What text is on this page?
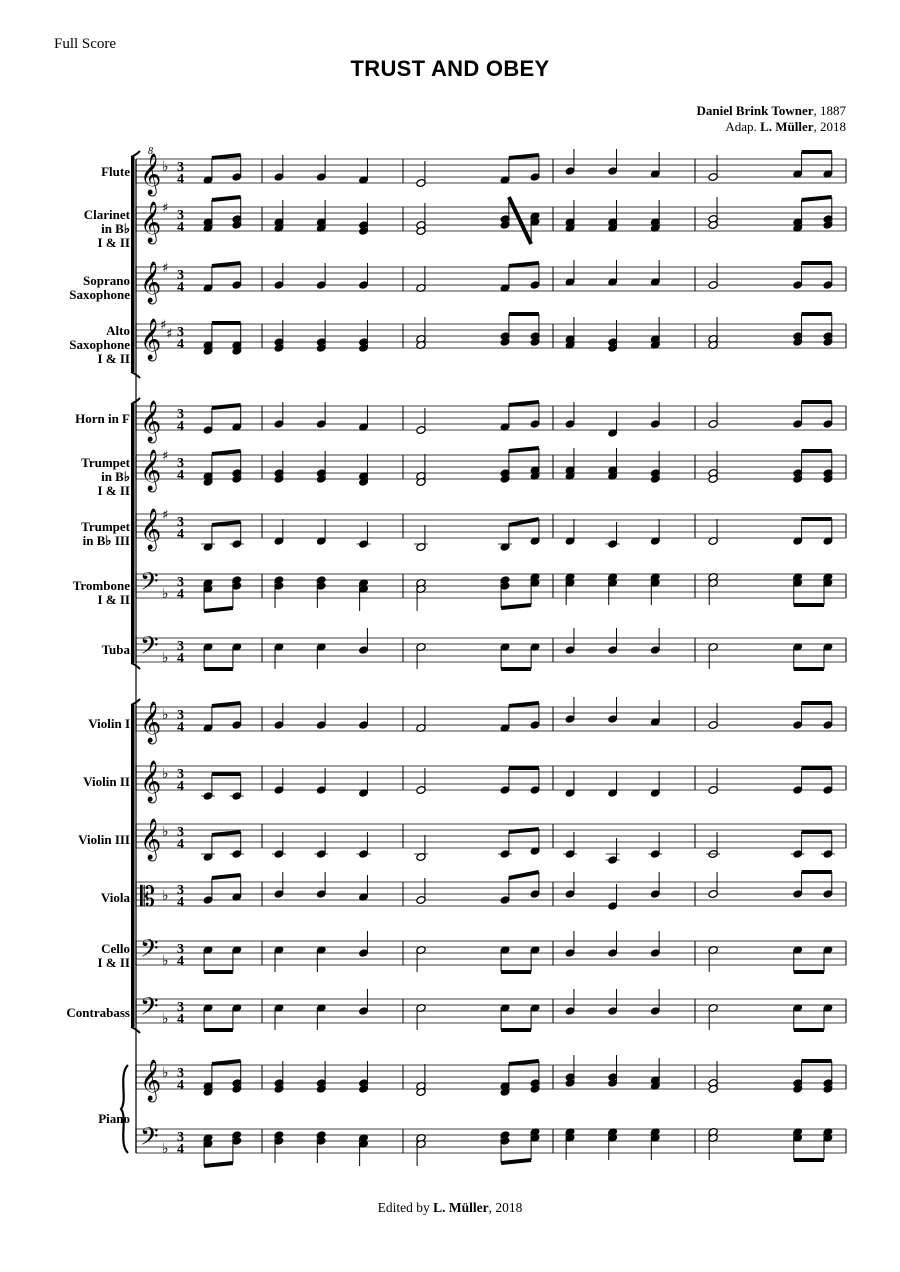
Full Score
TRUST AND OBEY
Daniel Brink Towner, 1887
Adap. L. Müller, 2018
Flute
Clarinet
in B♭
I & II
Soprano
Saxophone
Alto
Saxophone
I & II
Horn in F
Trumpet
in B♭
I & II
Trumpet
in B♭ III
Trombone
I & II
Tuba
Violin I
Violin II
Violin III
Viola
Cello
I & II
Contrabass
Piano
𝄞 ♭ 3
4
𝄞 ♯ 3
4
𝄞 ♯ 3
4
𝄞
♯
♯ 3
4
𝄞 3
4
𝄞 ♯ 3
4
𝄞 ♯ 3
4
𝄢 ♭
3
4
𝄢 ♭
3
4
𝄞 ♭ 3
4
𝄞 ♭ 3
4
𝄞 ♭ 3
4
𝄡 ♭ 3
4
𝄢 ♭
3
4
𝄢 ♭
3
4
𝄞 ♭ 3
4
𝄢 ♭
3
4
8
Edited by L. Müller, 2018
